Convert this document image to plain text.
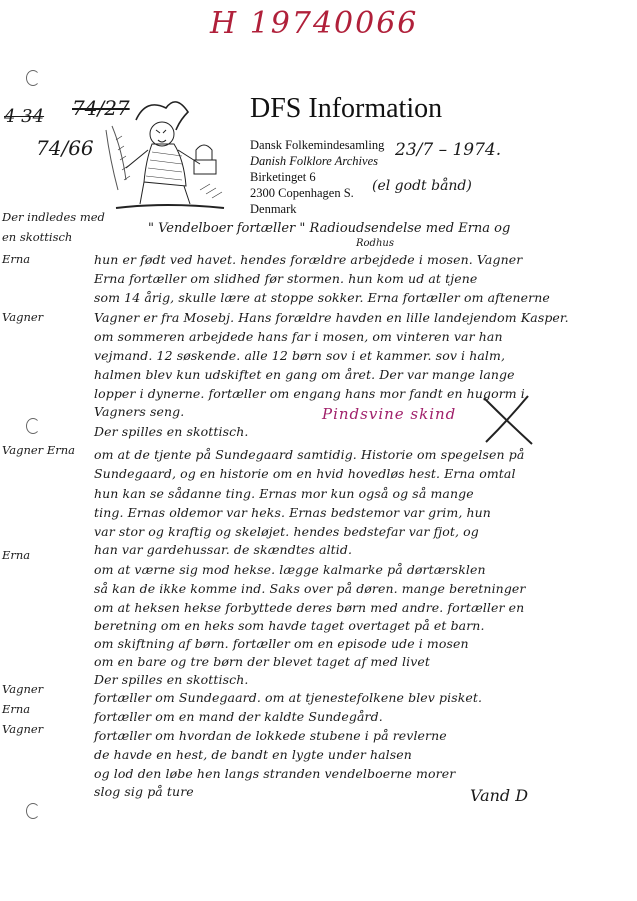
H 19740066
4 34 74/27
74/66
DFS Information
Dansk Folkemindesamling
Danish Folklore Archives
Birketinget 6
2300 Copenhagen S.
Denmark
23/7 – 1974.
(el godt bånd)
Der indledes med
en skottisch
Erna
Vagner
Vagner Erna
Erna
Vagner
Erna
Vagner
" Vendelboer fortæller " Radioudsendelse med Erna og
Rodhus
hun er født ved havet. hendes forældre arbejdede i mosen. Vagner
Erna fortæller om slidhed før stormen. hun kom ud at tjene
som 14 årig, skulle lære at stoppe sokker. Erna fortæller om aftenerne
Vagner er fra Mosebj. Hans forældre havden en lille landejendom Kasper.
om sommeren arbejdede hans far i mosen, om vinteren var han
vejmand. 12 søskende. alle 12 børn sov i et kammer. sov i halm,
halmen blev kun udskiftet en gang om året. Der var mange lange
lopper i dynerne. fortæller om engang hans mor fandt en hugorm i
Vagners seng.
Der spilles en skottisch.
om at de tjente på Sundegaard samtidig. Historie om spegelsen på
Sundegaard, og en historie om en hvid hovedløs hest. Erna omtal
hun kan se sådanne ting. Ernas mor kun også og så mange
ting. Ernas oldemor var heks. Ernas bedstemor var grim, hun
var stor og kraftig og skeløjet. hendes bedstefar var fjot, og
han var gardehussar. de skændtes altid.
om at værne sig mod hekse. lægge kalmarke på dørtærsklen
så kan de ikke komme ind. Saks over på døren. mange beretninger
om at heksen hekse forbyttede deres børn med andre. fortæller en
beretning om en heks som havde taget overtaget på et barn.
om skiftning af børn. fortæller om en episode ude i mosen
om en bare og tre børn der blevet taget af med livet
Der spilles en skottisch.
fortæller om Sundegaard. om at tjenestefolkene blev pisket.
fortæller om en mand der kaldte Sundegård.
fortæller om hvordan de lokkede stubene i på revlerne
de havde en hest, de bandt en lygte under halsen
og lod den løbe hen langs stranden vendelboerne morer
slog sig på ture
Pindsvine skind
Vand D
